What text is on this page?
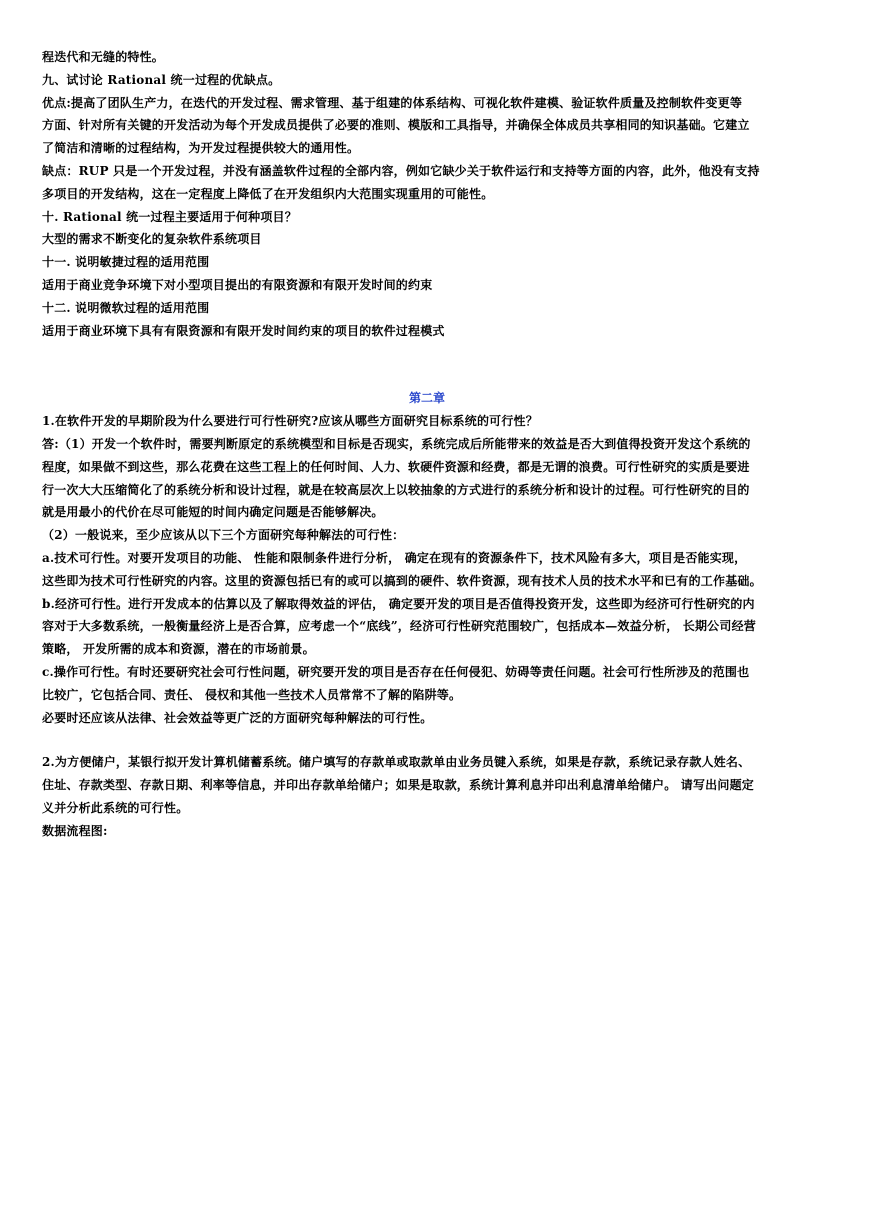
程迭代和无缝的特性。
九、试讨论 Rational 统一过程的优缺点。
优点:提高了团队生产力，在迭代的开发过程、需求管理、基于组建的体系结构、可视化软件建模、验证软件质量及控制软件变更等
方面、针对所有关键的开发活动为每个开发成员提供了必要的准则、模版和工具指导，并确保全体成员共享相同的知识基础。它建立
了简洁和清晰的过程结构，为开发过程提供较大的通用性。
缺点：RUP 只是一个开发过程，并没有涵盖软件过程的全部内容，例如它缺少关于软件运行和支持等方面的内容，此外，他没有支持
多项目的开发结构，这在一定程度上降低了在开发组织内大范围实现重用的可能性。
十. Rational 统一过程主要适用于何种项目？
大型的需求不断变化的复杂软件系统项目
十一. 说明敏捷过程的适用范围
适用于商业竞争环境下对小型项目提出的有限资源和有限开发时间的约束
十二. 说明微软过程的适用范围
适用于商业环境下具有有限资源和有限开发时间约束的项目的软件过程模式
第二章
1.在软件开发的早期阶段为什么要进行可行性研究?应该从哪些方面研究目标系统的可行性？
答:（1）开发一个软件时，需要判断原定的系统模型和目标是否现实，系统完成后所能带来的效益是否大到值得投资开发这个系统的
程度，如果做不到这些，那么花费在这些工程上的任何时间、人力、软硬件资源和经费，都是无谓的浪费。可行性研究的实质是要进
行一次大大压缩简化了的系统分析和设计过程，就是在较高层次上以较抽象的方式进行的系统分析和设计的过程。可行性研究的目的
就是用最小的代价在尽可能短的时间内确定问题是否能够解决。
（2）一般说来，至少应该从以下三个方面研究每种解法的可行性：
a.技术可行性。对要开发项目的功能、 性能和限制条件进行分析， 确定在现有的资源条件下，技术风险有多大，项目是否能实现，
这些即为技术可行性研究的内容。这里的资源包括已有的或可以搞到的硬件、软件资源，现有技术人员的技术水平和已有的工作基础。
b.经济可行性。进行开发成本的估算以及了解取得效益的评估， 确定要开发的项目是否值得投资开发，这些即为经济可行性研究的内
容对于大多数系统，一般衡量经济上是否合算，应考虑一个“底线”，经济可行性研究范围较广，包括成本—效益分析， 长期公司经营
策略， 开发所需的成本和资源，潜在的市场前景。
c.操作可行性。有时还要研究社会可行性问题，研究要开发的项目是否存在任何侵犯、妨碍等责任问题。社会可行性所涉及的范围也
比较广，它包括合同、责任、 侵权和其他一些技术人员常常不了解的陷阱等。
必要时还应该从法律、社会效益等更广泛的方面研究每种解法的可行性。
2.为方便储户，某银行拟开发计算机储蓄系统。储户填写的存款单或取款单由业务员键入系统，如果是存款，系统记录存款人姓名、
住址、存款类型、存款日期、利率等信息，并印出存款单给储户；如果是取款，系统计算利息并印出利息清单给储户。 请写出问题定
义并分析此系统的可行性。
数据流程图:
